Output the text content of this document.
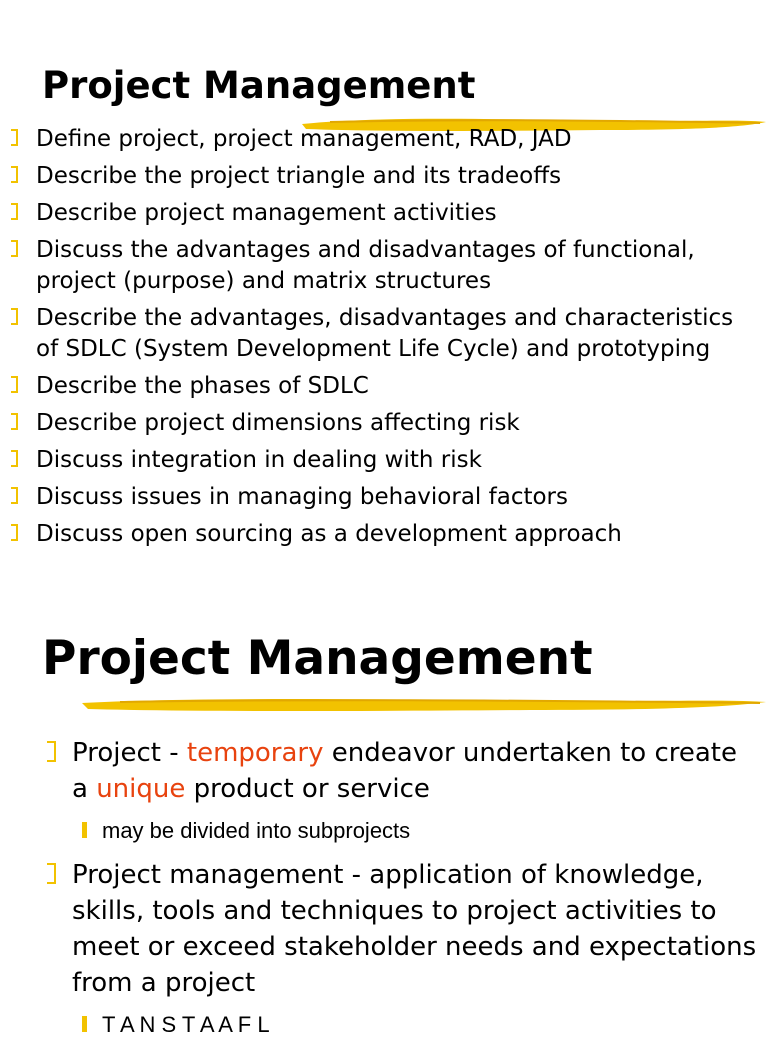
Project Management
Define project, project management, RAD, JAD
Describe the project triangle and its tradeoffs
Describe project management activities
Discuss the advantages and disadvantages of functional, project (purpose) and matrix structures
Describe the advantages, disadvantages and characteristics of SDLC (System Development Life Cycle) and prototyping
Describe the phases of SDLC
Describe project dimensions affecting risk
Discuss integration in dealing with risk
Discuss issues in managing behavioral factors
Discuss open sourcing as a development approach
Project Management
Project - temporary endeavor undertaken to create a unique product or service
may be divided into subprojects
Project management - application of knowledge, skills, tools and techniques to project activities to meet or exceed stakeholder needs and expectations from a project
T A N S T A A F L
